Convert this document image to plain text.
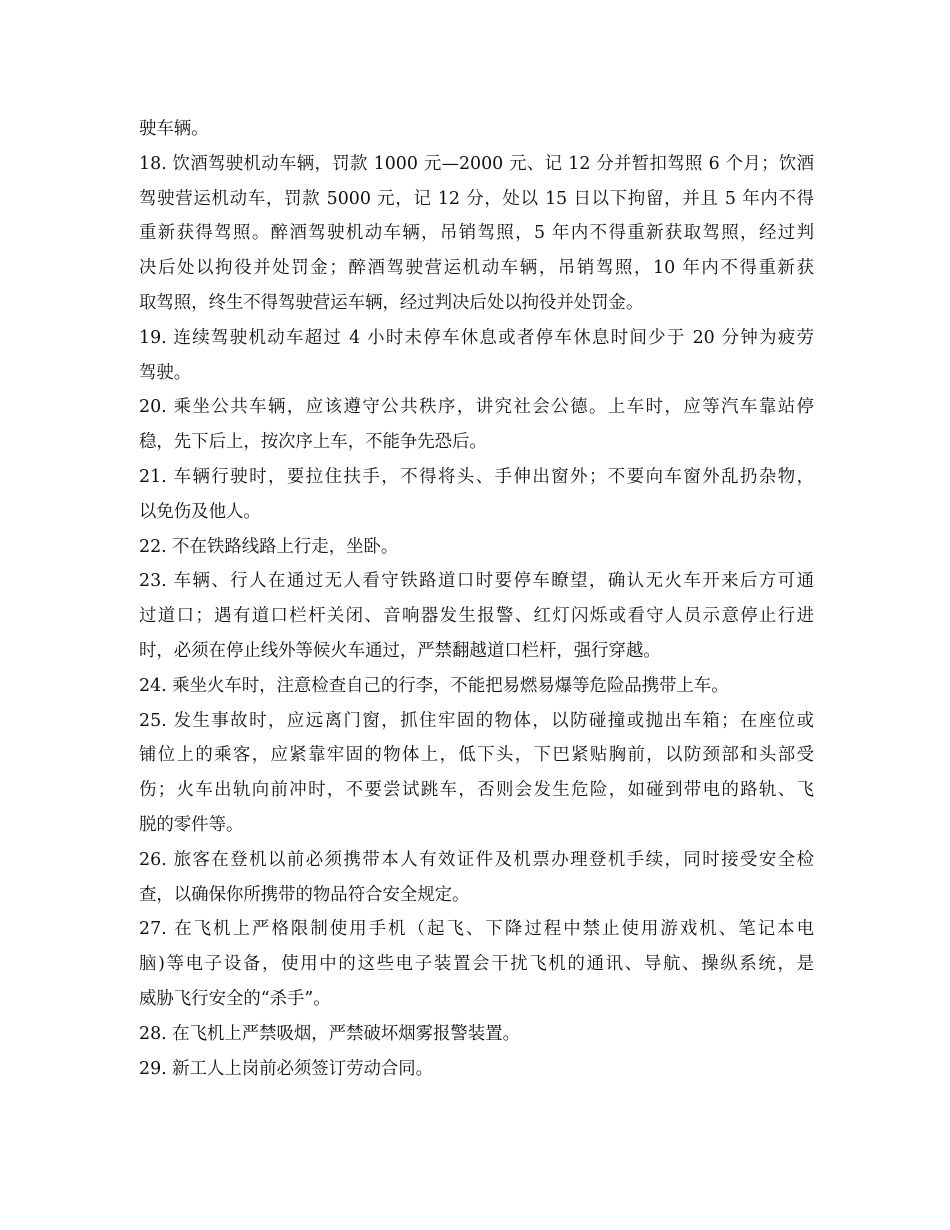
驶车辆。

18. 饮酒驾驶机动车辆，罚款 1000 元—2000 元、记 12 分并暂扣驾照 6 个月；饮酒

驾驶营运机动车，罚款 5000 元，记 12 分，处以 15 日以下拘留，并且 5 年内不得

重新获得驾照。醉酒驾驶机动车辆，吊销驾照，5 年内不得重新获取驾照，经过判

决后处以拘役并处罚金；醉酒驾驶营运机动车辆，吊销驾照，10 年内不得重新获

取驾照，终生不得驾驶营运车辆，经过判决后处以拘役并处罚金。

19. 连续驾驶机动车超过 4 小时未停车休息或者停车休息时间少于 20 分钟为疲劳

驾驶。

20. 乘坐公共车辆，应该遵守公共秩序，讲究社会公德。上车时，应等汽车靠站停

稳，先下后上，按次序上车，不能争先恐后。

21. 车辆行驶时，要拉住扶手，不得将头、手伸出窗外；不要向车窗外乱扔杂物，

以免伤及他人。

22. 不在铁路线路上行走，坐卧。

23. 车辆、行人在通过无人看守铁路道口时要停车瞭望，确认无火车开来后方可通

过道口；遇有道口栏杆关闭、音响器发生报警、红灯闪烁或看守人员示意停止行进

时，必须在停止线外等候火车通过，严禁翻越道口栏杆，强行穿越。

24. 乘坐火车时，注意检查自己的行李，不能把易燃易爆等危险品携带上车。

25. 发生事故时，应远离门窗，抓住牢固的物体，以防碰撞或抛出车箱；在座位或

铺位上的乘客，应紧靠牢固的物体上，低下头，下巴紧贴胸前，以防颈部和头部受

伤；火车出轨向前冲时，不要尝试跳车，否则会发生危险，如碰到带电的路轨、飞

脱的零件等。

26. 旅客在登机以前必须携带本人有效证件及机票办理登机手续，同时接受安全检

查，以确保你所携带的物品符合安全规定。

27. 在飞机上严格限制使用手机（起飞、下降过程中禁止使用游戏机、笔记本电

脑)等电子设备，使用中的这些电子装置会干扰飞机的通讯、导航、操纵系统，是

威胁飞行安全的“杀手”。

28. 在飞机上严禁吸烟，严禁破坏烟雾报警装置。

29. 新工人上岗前必须签订劳动合同。
